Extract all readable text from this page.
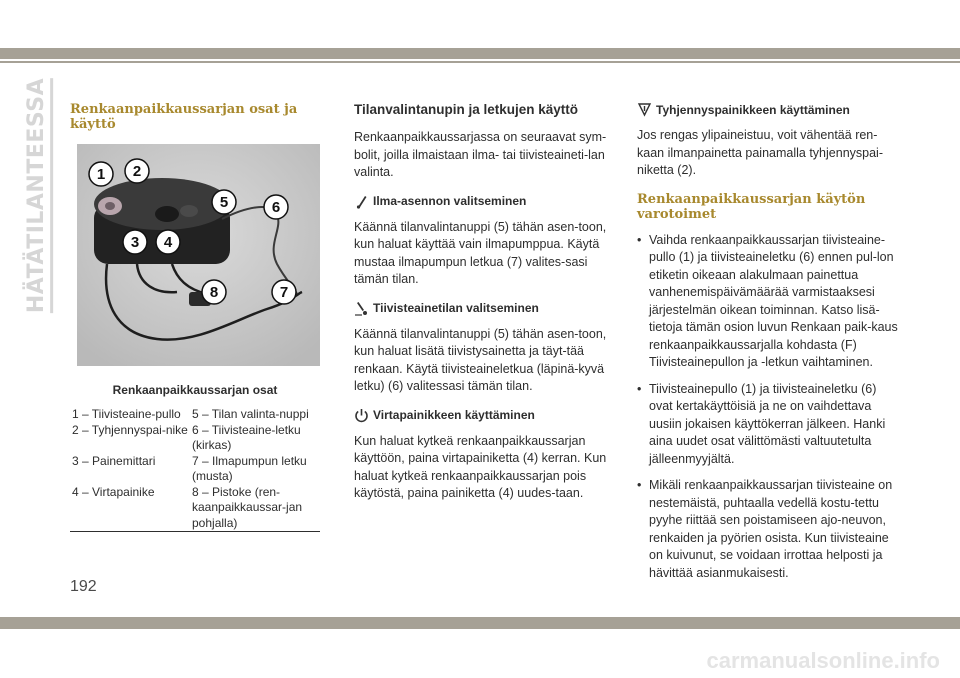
HÄTÄTILANTEESSA	Renkaanpaikkaussarjan osat ja käyttö
1 2
3 4
5	6
7
8
Renkaanpaikkaussarjan osat
1 – Tiivisteaine-pullo 5 – Tilan valinta-nuppi
2 – Tyhjennyspai-nike 6 – Tiivisteaine-letku (kirkas)
3 – Painemittari	7 – Ilmapumpun letku (musta)
4 – Virtapainike	8 – Pistoke (ren-kaanpaikkaussar-jan pohjalla)
Tilanvalintanupin ja letkujen käyttö

Renkaanpaikkaussarjassa on seuraavat sym-bolit, joilla ilmaistaan ilma- tai tiivisteaineti-lan valinta.

Ilma-asennon valitseminen

Käännä tilanvalintanuppi (5) tähän asen-toon, kun haluat käyttää vain ilmapumppua. Käytä mustaa ilmapumpun letkua (7) valites-sasi tämän tilan.

Tiivisteainetilan valitseminen

Käännä tilanvalintanuppi (5) tähän asen-toon, kun haluat lisätä tiivistysainetta ja täyt-tää renkaan. Käytä tiivisteaineletkua (läpinä-kyvä letku) (6) valitessasi tämän tilan.

Virtapainikkeen käyttäminen

Kun haluat kytkeä renkaanpaikkaussarjan käyttöön, paina virtapainiketta (4) kerran. Kun haluat kytkeä renkaanpaikkaussarjan pois käytöstä, paina painiketta (4) uudes-taan.

Tyhjennyspainikkeen käyttäminen

Jos rengas ylipaineistuu, voit vähentää ren-kaan ilmanpainetta painamalla tyhjennyspai-niketta (2).

Renkaanpaikkaussarjan käytön varotoimet
• Vaihda renkaanpaikkaussarjan tiivisteaine-pullo (1) ja tiivisteaineletku (6) ennen pul-lon etiketin oikeaan alakulmaan painettua vanhenemispäivämäärää varmistaaksesi järjestelmän oikean toiminnan. Katso lisä-tietoja tämän osion luvun Renkaan paik-kaus renkaanpaikkaussarjalla kohdasta (F) Tiivisteainepullon ja -letkun vaihtaminen.
• Tiivisteainepullo (1) ja tiivisteaineletku (6) ovat kertakäyttöisiä ja ne on vaihdettava uusiin jokaisen käyttökerran jälkeen. Hanki aina uudet osat välittömästi valtuutetulta jälleenmyyjältä.
• Mikäli renkaanpaikkaussarjan tiivisteaine on nestemäistä, puhtaalla vedellä kostu-tettu pyyhe riittää sen poistamiseen ajo-neuvon, renkaiden ja pyörien osista. Kun tiivisteaine on kuivunut, se voidaan irrottaa helposti ja hävittää asianmukaisesti.
192
carmanualsonline.info
